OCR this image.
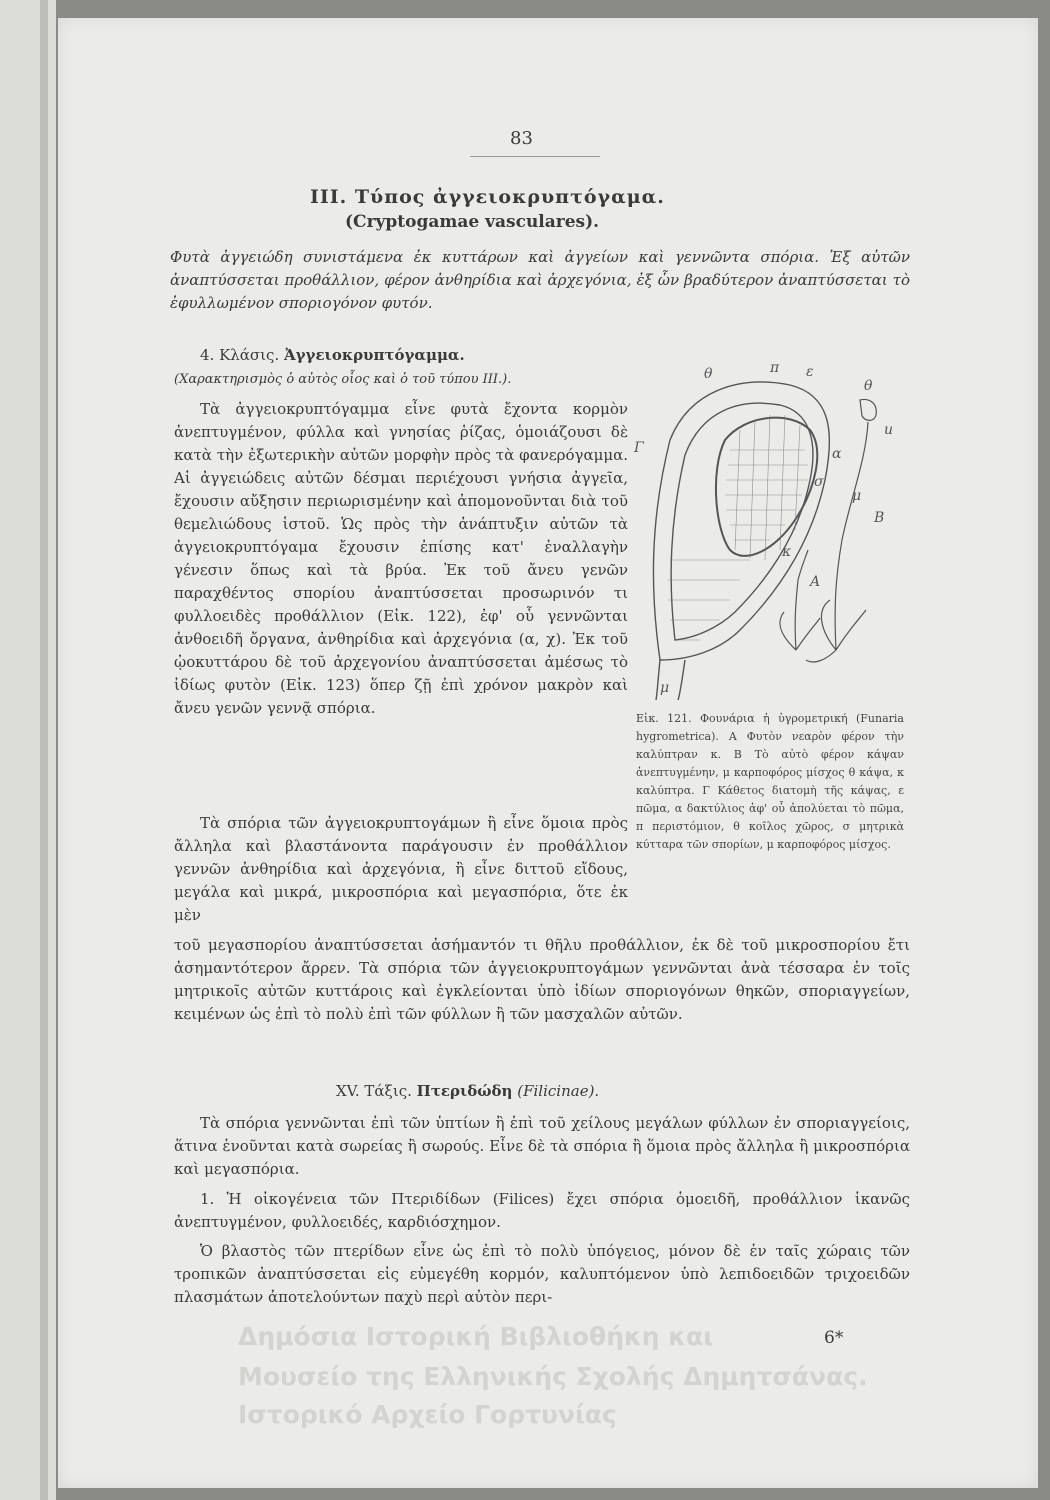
83
III. Τύπος ἀγγειοκρυπτόγαμα.
(Cryptogamae vasculares).
Φυτὰ ἀγγειώδη συνιστάμενα ἐκ κυττάρων καὶ ἀγγείων καὶ γεννῶντα σπόρια. Ἐξ αὐτῶν ἀναπτύσσεται προθάλλιον, φέρον ἀνθηρίδια καὶ ἀρχεγόνια, ἐξ ὧν βραδύτερον ἀναπτύσσεται τὸ ἐφυλλωμένον σποριογόνον φυτόν.
4. Κλάσις. Ἀγγειοκρυπτόγαμμα.
(Χαρακτηρισμὸς ὁ αὐτὸς οἷος καὶ ὁ τοῦ τύπου III.).
Τὰ ἀγγειοκρυπτόγαμμα εἶνε φυτὰ ἔχοντα κορμὸν ἀνεπτυγμένον, φύλλα καὶ γνησίας ῥίζας, ὁμοιάζουσι δὲ κατὰ τὴν ἐξωτερικὴν αὐτῶν μορφὴν πρὸς τὰ φανερόγαμμα. Αἱ ἀγγειώδεις αὐτῶν δέσμαι περιέχουσι γνήσια ἀγγεῖα, ἔχουσιν αὔξησιν περιωρισμένην καὶ ἀπομονοῦνται διὰ τοῦ θεμελιώδους ἱστοῦ. Ὡς πρὸς τὴν ἀνάπτυξιν αὐτῶν τὰ ἀγγειοκρυπτόγαμα ἔχουσιν ἐπίσης κατ' ἐναλλαγὴν γένεσιν ὅπως καὶ τὰ βρύα. Ἐκ τοῦ ἄνευ γενῶν παραχθέντος σπορίου ἀναπτύσσεται προσωρινόν τι φυλλοειδὲς προθάλλιον (Εἰκ. 122), ἐφ' οὗ γεννῶνται ἀνθοειδῆ ὄργανα, ἀνθηρίδια καὶ ἀρχεγόνια (α, χ). Ἐκ τοῦ ᾠοκυττάρου δὲ τοῦ ἀρχεγονίου ἀναπτύσσεται ἀμέσως τὸ ἰδίως φυτὸν (Εἰκ. 123) ὅπερ ζῇ ἐπὶ χρόνον μακρὸν καὶ ἄνευ γενῶν γεννᾷ σπόρια.
Τὰ σπόρια τῶν ἀγγειοκρυπτογάμων ἢ εἶνε ὅμοια πρὸς ἄλληλα καὶ βλαστάνοντα παράγουσιν ἐν προθάλλιον γεννῶν ἀνθηρίδια καὶ ἀρχεγόνια, ἢ εἶνε διττοῦ εἴδους, μεγάλα καὶ μικρά, μικροσπόρια καὶ μεγασπόρια, ὅτε ἐκ μὲν
τοῦ μεγασπορίου ἀναπτύσσεται ἀσήμαντόν τι θῆλυ προθάλλιον, ἐκ δὲ τοῦ μικροσπορίου ἔτι ἀσημαντότερον ἄρρεν. Τὰ σπόρια τῶν ἀγγειοκρυπτογάμων γεννῶνται ἀνὰ τέσσαρα ἐν τοῖς μητρικοῖς αὐτῶν κυττάροις καὶ ἐγκλείονται ὑπὸ ἰδίων σποριογόνων θηκῶν, σποριαγγείων, κειμένων ὡς ἐπὶ τὸ πολὺ ἐπὶ τῶν φύλλων ἢ τῶν μασχαλῶν αὐτῶν.
XV. Τάξις. Πτεριδώδη (Filicinae).
Τὰ σπόρια γεννῶνται ἐπὶ τῶν ὑπτίων ἢ ἐπὶ τοῦ χείλους μεγάλων φύλλων ἐν σποριαγγείοις, ἅτινα ἑνοῦνται κατὰ σωρείας ἢ σωρούς. Εἶνε δὲ τὰ σπόρια ἢ ὅμοια πρὸς ἄλληλα ἢ μικροσπόρια καὶ μεγασπόρια.
1. Ἡ οἰκογένεια τῶν Πτεριδίδων (Filices) ἔχει σπόρια ὁμοειδῆ, προθάλλιον ἱκανῶς ἀνεπτυγμένον, φυλλοειδές, καρδιόσχημον.
Ὁ βλαστὸς τῶν πτερίδων εἶνε ὡς ἐπὶ τὸ πολὺ ὑπόγειος, μόνον δὲ ἐν ταῖς χώραις τῶν τροπικῶν ἀναπτύσσεται εἰς εὐμεγέθη κορμόν, καλυπτόμενον ὑπὸ λεπιδοειδῶν τριχοειδῶν πλασμάτων ἀποτελούντων παχὺ περὶ αὐτὸν περι-
θ	π ε
θ
u
α
Γ
σ
μ
Β
κ
Α
μ
Εἰκ. 121. Φουνάρια ἡ ὑγρομετρική (Funaria hygrometrica). Α Φυτὸν νεαρὸν φέρον τὴν καλύπτραν κ. Β Τὸ αὐτὸ φέρον κάψαν ἀνεπτυγμένην, μ καρποφόρος μίσχος θ κάψα, κ καλύπτρα. Γ Κάθετος διατομὴ τῆς κάψας, ε πῶμα, α δακτύλιος ἀφ' οὗ ἀπολύεται τὸ πῶμα, π περιστόμιον, θ κοῖλος χῶρος, σ μητρικὰ κύτταρα τῶν σπορίων, μ καρποφόρος μίσχος.
Δημόσια Ιστορική Βιβλιοθήκη και
Μουσείο της Ελληνικής Σχολής Δημητσάνας.
Ιστορικό Αρχείο Γορτυνίας
6*
